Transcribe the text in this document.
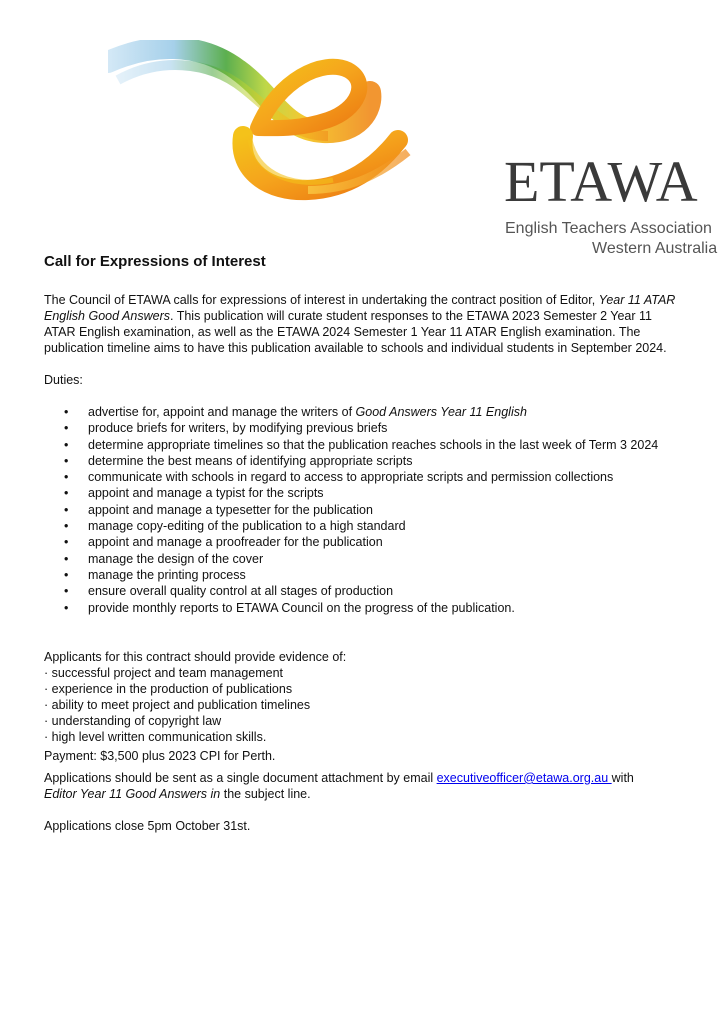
ETAWA
English Teachers Association
Western Australia
Call for Expressions of Interest

The Council of ETAWA calls for expressions of interest in undertaking the contract position of Editor, Year 11 ATAR English Good Answers. This publication will curate student responses to the ETAWA 2023 Semester 2 Year 11 ATAR English examination, as well as the ETAWA 2024 Semester 1 Year 11 ATAR English examination. The publication timeline aims to have this publication available to schools and individual students in September 2024.

Duties:

• advertise for, appoint and manage the writers of Good Answers Year 11 English
• produce briefs for writers, by modifying previous briefs
• determine appropriate timelines so that the publication reaches schools in the last week of Term 3 2024
• determine the best means of identifying appropriate scripts
• communicate with schools in regard to access to appropriate scripts and permission collections
• appoint and manage a typist for the scripts
• appoint and manage a typesetter for the publication
• manage copy-editing of the publication to a high standard
• appoint and manage a proofreader for the publication
• manage the design of the cover
• manage the printing process
• ensure overall quality control at all stages of production
• provide monthly reports to ETAWA Council on the progress of the publication.

Applicants for this contract should provide evidence of:

· successful project and team management
· experience in the production of publications
· ability to meet project and publication timelines
· understanding of copyright law
· high level written communication skills.

Payment: $3,500 plus 2023 CPI for Perth.

Applications should be sent as a single document attachment by email executiveofficer@etawa.org.au with
Editor Year 11 Good Answers in the subject line.

Applications close 5pm October 31st.
